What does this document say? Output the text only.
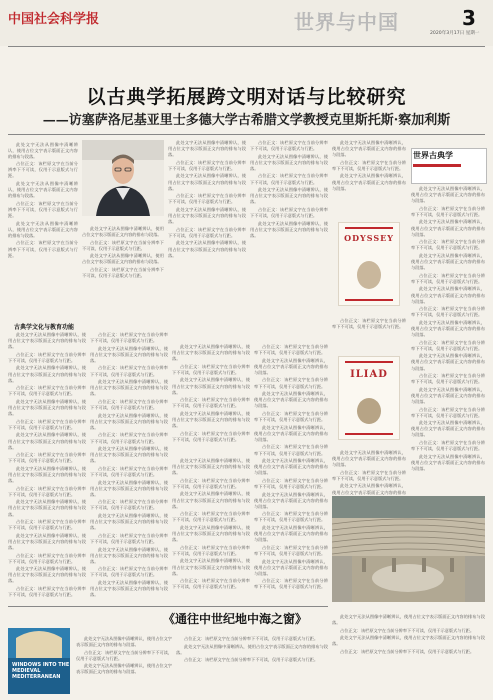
中国社会科学报	世界与中国	3
2020年3月17日 星期一
以古典学拓展跨文明对话与比较研究
——访塞萨洛尼基亚里士多德大学古希腊文学教授克里斯托斯·察加利斯

此处文字无法从图像中清晰辨认，使用占位文字表示版面正文内容的排布与段落。

占位正文：该栏原文字在当前分辨率下不可读，仅用于示意版式与行距。

此处文字无法从图像中清晰辨认，使用占位文字表示版面正文内容的排布与段落。

占位正文：该栏原文字在当前分辨率下不可读，仅用于示意版式与行距。

此处文字无法从图像中清晰辨认，使用占位文字表示版面正文内容的排布与段落。

占位正文：该栏原文字在当前分辨率下不可读，仅用于示意版式与行距。

此处文字无法从图像中清晰辨认，使用占位文字表示版面正文内容的排布与段落。

占位正文：该栏原文字在当前分辨率下不可读，仅用于示意版式与行距。

此处文字无法从图像中清晰辨认，使用占位文字表示版面正文内容的排布与段落。

占位正文：该栏原文字在当前分辨率下不可读，仅用于示意版式与行距。

此处文字无法从图像中清晰辨认，使用占位文字表示版面正文内容的排布与段落。

占位正文：该栏原文字在当前分辨率下不可读，仅用于示意版式与行距。

此处文字无法从图像中清晰辨认，使用占位文字表示版面正文内容的排布与段落。

占位正文：该栏原文字在当前分辨率下不可读，仅用于示意版式与行距。

此处文字无法从图像中清晰辨认，使用占位文字表示版面正文内容的排布与段落。

占位正文：该栏原文字在当前分辨率下不可读，仅用于示意版式与行距。

此处文字无法从图像中清晰辨认，使用占位文字表示版面正文内容的排布与段落。

占位正文：该栏原文字在当前分辨率下不可读，仅用于示意版式与行距。

此处文字无法从图像中清晰辨认，使用占位文字表示版面正文内容的排布与段落。

占位正文：该栏原文字在当前分辨率下不可读，仅用于示意版式与行距。

此处文字无法从图像中清晰辨认，使用占位文字表示版面正文内容的排布与段落。

占位正文：该栏原文字在当前分辨率下不可读，仅用于示意版式与行距。

此处文字无法从图像中清晰辨认，使用占位文字表示版面正文内容的排布与段落。

古典学文化与教育功能

此处文字无法从图像中清晰辨认，使用占位文字表示版面正文内容的排布与段落。

占位正文：该栏原文字在当前分辨率下不可读，仅用于示意版式与行距。

此处文字无法从图像中清晰辨认，使用占位文字表示版面正文内容的排布与段落。

占位正文：该栏原文字在当前分辨率下不可读，仅用于示意版式与行距。

此处文字无法从图像中清晰辨认，使用占位文字表示版面正文内容的排布与段落。

占位正文：该栏原文字在当前分辨率下不可读，仅用于示意版式与行距。

此处文字无法从图像中清晰辨认，使用占位文字表示版面正文内容的排布与段落。

占位正文：该栏原文字在当前分辨率下不可读，仅用于示意版式与行距。

此处文字无法从图像中清晰辨认，使用占位文字表示版面正文内容的排布与段落。

占位正文：该栏原文字在当前分辨率下不可读，仅用于示意版式与行距。

此处文字无法从图像中清晰辨认，使用占位文字表示版面正文内容的排布与段落。

占位正文：该栏原文字在当前分辨率下不可读，仅用于示意版式与行距。

此处文字无法从图像中清晰辨认，使用占位文字表示版面正文内容的排布与段落。

占位正文：该栏原文字在当前分辨率下不可读，仅用于示意版式与行距。

此处文字无法从图像中清晰辨认，使用占位文字表示版面正文内容的排布与段落。

占位正文：该栏原文字在当前分辨率下不可读，仅用于示意版式与行距。

占位正文：该栏原文字在当前分辨率下不可读，仅用于示意版式与行距。

此处文字无法从图像中清晰辨认，使用占位文字表示版面正文内容的排布与段落。

占位正文：该栏原文字在当前分辨率下不可读，仅用于示意版式与行距。

此处文字无法从图像中清晰辨认，使用占位文字表示版面正文内容的排布与段落。

占位正文：该栏原文字在当前分辨率下不可读，仅用于示意版式与行距。

此处文字无法从图像中清晰辨认，使用占位文字表示版面正文内容的排布与段落。

占位正文：该栏原文字在当前分辨率下不可读，仅用于示意版式与行距。

此处文字无法从图像中清晰辨认，使用占位文字表示版面正文内容的排布与段落。

占位正文：该栏原文字在当前分辨率下不可读，仅用于示意版式与行距。

此处文字无法从图像中清晰辨认，使用占位文字表示版面正文内容的排布与段落。

占位正文：该栏原文字在当前分辨率下不可读，仅用于示意版式与行距。

此处文字无法从图像中清晰辨认，使用占位文字表示版面正文内容的排布与段落。

占位正文：该栏原文字在当前分辨率下不可读，仅用于示意版式与行距。

此处文字无法从图像中清晰辨认，使用占位文字表示版面正文内容的排布与段落。

占位正文：该栏原文字在当前分辨率下不可读，仅用于示意版式与行距。

此处文字无法从图像中清晰辨认，使用占位文字表示版面正文内容的排布与段落。

此处文字无法从图像中清晰辨认，使用占位文字表示版面正文内容的排布与段落。

占位正文：该栏原文字在当前分辨率下不可读，仅用于示意版式与行距。

此处文字无法从图像中清晰辨认，使用占位文字表示版面正文内容的排布与段落。

占位正文：该栏原文字在当前分辨率下不可读，仅用于示意版式与行距。

此处文字无法从图像中清晰辨认，使用占位文字表示版面正文内容的排布与段落。

占位正文：该栏原文字在当前分辨率下不可读，仅用于示意版式与行距。

此处文字无法从图像中清晰辨认，使用占位文字表示版面正文内容的排布与段落。

占位正文：该栏原文字在当前分辨率下不可读，仅用于示意版式与行距。

此处文字无法从图像中清晰辨认，使用占位文字表示版面正文内容的排布与段落。

占位正文：该栏原文字在当前分辨率下不可读，仅用于示意版式与行距。

此处文字无法从图像中清晰辨认，使用占位文字表示版面正文内容的排布与段落。

占位正文：该栏原文字在当前分辨率下不可读，仅用于示意版式与行距。

此处文字无法从图像中清晰辨认，使用占位文字表示版面正文内容的排布与段落。

占位正文：该栏原文字在当前分辨率下不可读，仅用于示意版式与行距。

占位正文：该栏原文字在当前分辨率下不可读，仅用于示意版式与行距。

此处文字无法从图像中清晰辨认，使用占位文字表示版面正文内容的排布与段落。

占位正文：该栏原文字在当前分辨率下不可读，仅用于示意版式与行距。

此处文字无法从图像中清晰辨认，使用占位文字表示版面正文内容的排布与段落。

占位正文：该栏原文字在当前分辨率下不可读，仅用于示意版式与行距。

此处文字无法从图像中清晰辨认，使用占位文字表示版面正文内容的排布与段落。

占位正文：该栏原文字在当前分辨率下不可读，仅用于示意版式与行距。

此处文字无法从图像中清晰辨认，使用占位文字表示版面正文内容的排布与段落。

占位正文：该栏原文字在当前分辨率下不可读，仅用于示意版式与行距。

此处文字无法从图像中清晰辨认，使用占位文字表示版面正文内容的排布与段落。

占位正文：该栏原文字在当前分辨率下不可读，仅用于示意版式与行距。

此处文字无法从图像中清晰辨认，使用占位文字表示版面正文内容的排布与段落。

占位正文：该栏原文字在当前分辨率下不可读，仅用于示意版式与行距。

此处文字无法从图像中清晰辨认，使用占位文字表示版面正文内容的排布与段落。

占位正文：该栏原文字在当前分辨率下不可读，仅用于示意版式与行距。

此处文字无法从图像中清晰辨认，使用占位文字表示版面正文内容的排布与段落。

占位正文：该栏原文字在当前分辨率下不可读，仅用于示意版式与行距。

此处文字无法从图像中清晰辨认，使用占位文字表示版面正文内容的排布与段落。

ODYSSEY

占位正文：该栏原文字在当前分辨率下不可读，仅用于示意版式与行距。

ILIAD

此处文字无法从图像中清晰辨认，使用占位文字表示版面正文内容的排布与段落。

占位正文：该栏原文字在当前分辨率下不可读，仅用于示意版式与行距。

此处文字无法从图像中清晰辨认，使用占位文字表示版面正文内容的排布

世界古典学

此处文字无法从图像中清晰辨认，使用占位文字表示版面正文内容的排布与段落。

占位正文：该栏原文字在当前分辨率下不可读，仅用于示意版式与行距。

此处文字无法从图像中清晰辨认，使用占位文字表示版面正文内容的排布与段落。

占位正文：该栏原文字在当前分辨率下不可读，仅用于示意版式与行距。

此处文字无法从图像中清晰辨认，使用占位文字表示版面正文内容的排布与段落。

占位正文：该栏原文字在当前分辨率下不可读，仅用于示意版式与行距。

此处文字无法从图像中清晰辨认，使用占位文字表示版面正文内容的排布与段落。

占位正文：该栏原文字在当前分辨率下不可读，仅用于示意版式与行距。

此处文字无法从图像中清晰辨认，使用占位文字表示版面正文内容的排布与段落。

占位正文：该栏原文字在当前分辨率下不可读，仅用于示意版式与行距。

此处文字无法从图像中清晰辨认，使用占位文字表示版面正文内容的排布与段落。

占位正文：该栏原文字在当前分辨率下不可读，仅用于示意版式与行距。

此处文字无法从图像中清晰辨认，使用占位文字表示版面正文内容的排布与段落。

占位正文：该栏原文字在当前分辨率下不可读，仅用于示意版式与行距。

此处文字无法从图像中清晰辨认，使用占位文字表示版面正文内容的排布与段落。

占位正文：该栏原文字在当前分辨率下不可读，仅用于示意版式与行距。

此处文字无法从图像中清晰辨认，使用占位文字表示版面正文内容的排布与段落。

《通往中世纪地中海之窗》
WINDOWS INTO THE MEDIEVAL MEDITERRANEAN

此处文字无法从图像中清晰辨认，使用占位文字表示版面正文内容的排布与段落。

占位正文：该栏原文字在当前分辨率下不可读，仅用于示意版式与行距。

此处文字无法从图像中清晰辨认，使用占位文字表示版面正文内容的排布与段落。

占位正文：该栏原文字在当前分辨率下不可读，仅用于示意版式与行距。

此处文字无法从图像中清晰辨认，使用占位文字表示版面正文内容的排布与段落。

占位正文：该栏原文字在当前分辨率下不可读，仅用于示意版式与行距。

此处文字无法从图像中清晰辨认，使用占位文字表示版面正文内容的排布与段落。

占位正文：该栏原文字在当前分辨率下不可读，仅用于示意版式与行距。

此处文字无法从图像中清晰辨认，使用占位文字表示版面正文内容的排布与段落。

占位正文：该栏原文字在当前分辨率下不可读，仅用于示意版式与行距。
